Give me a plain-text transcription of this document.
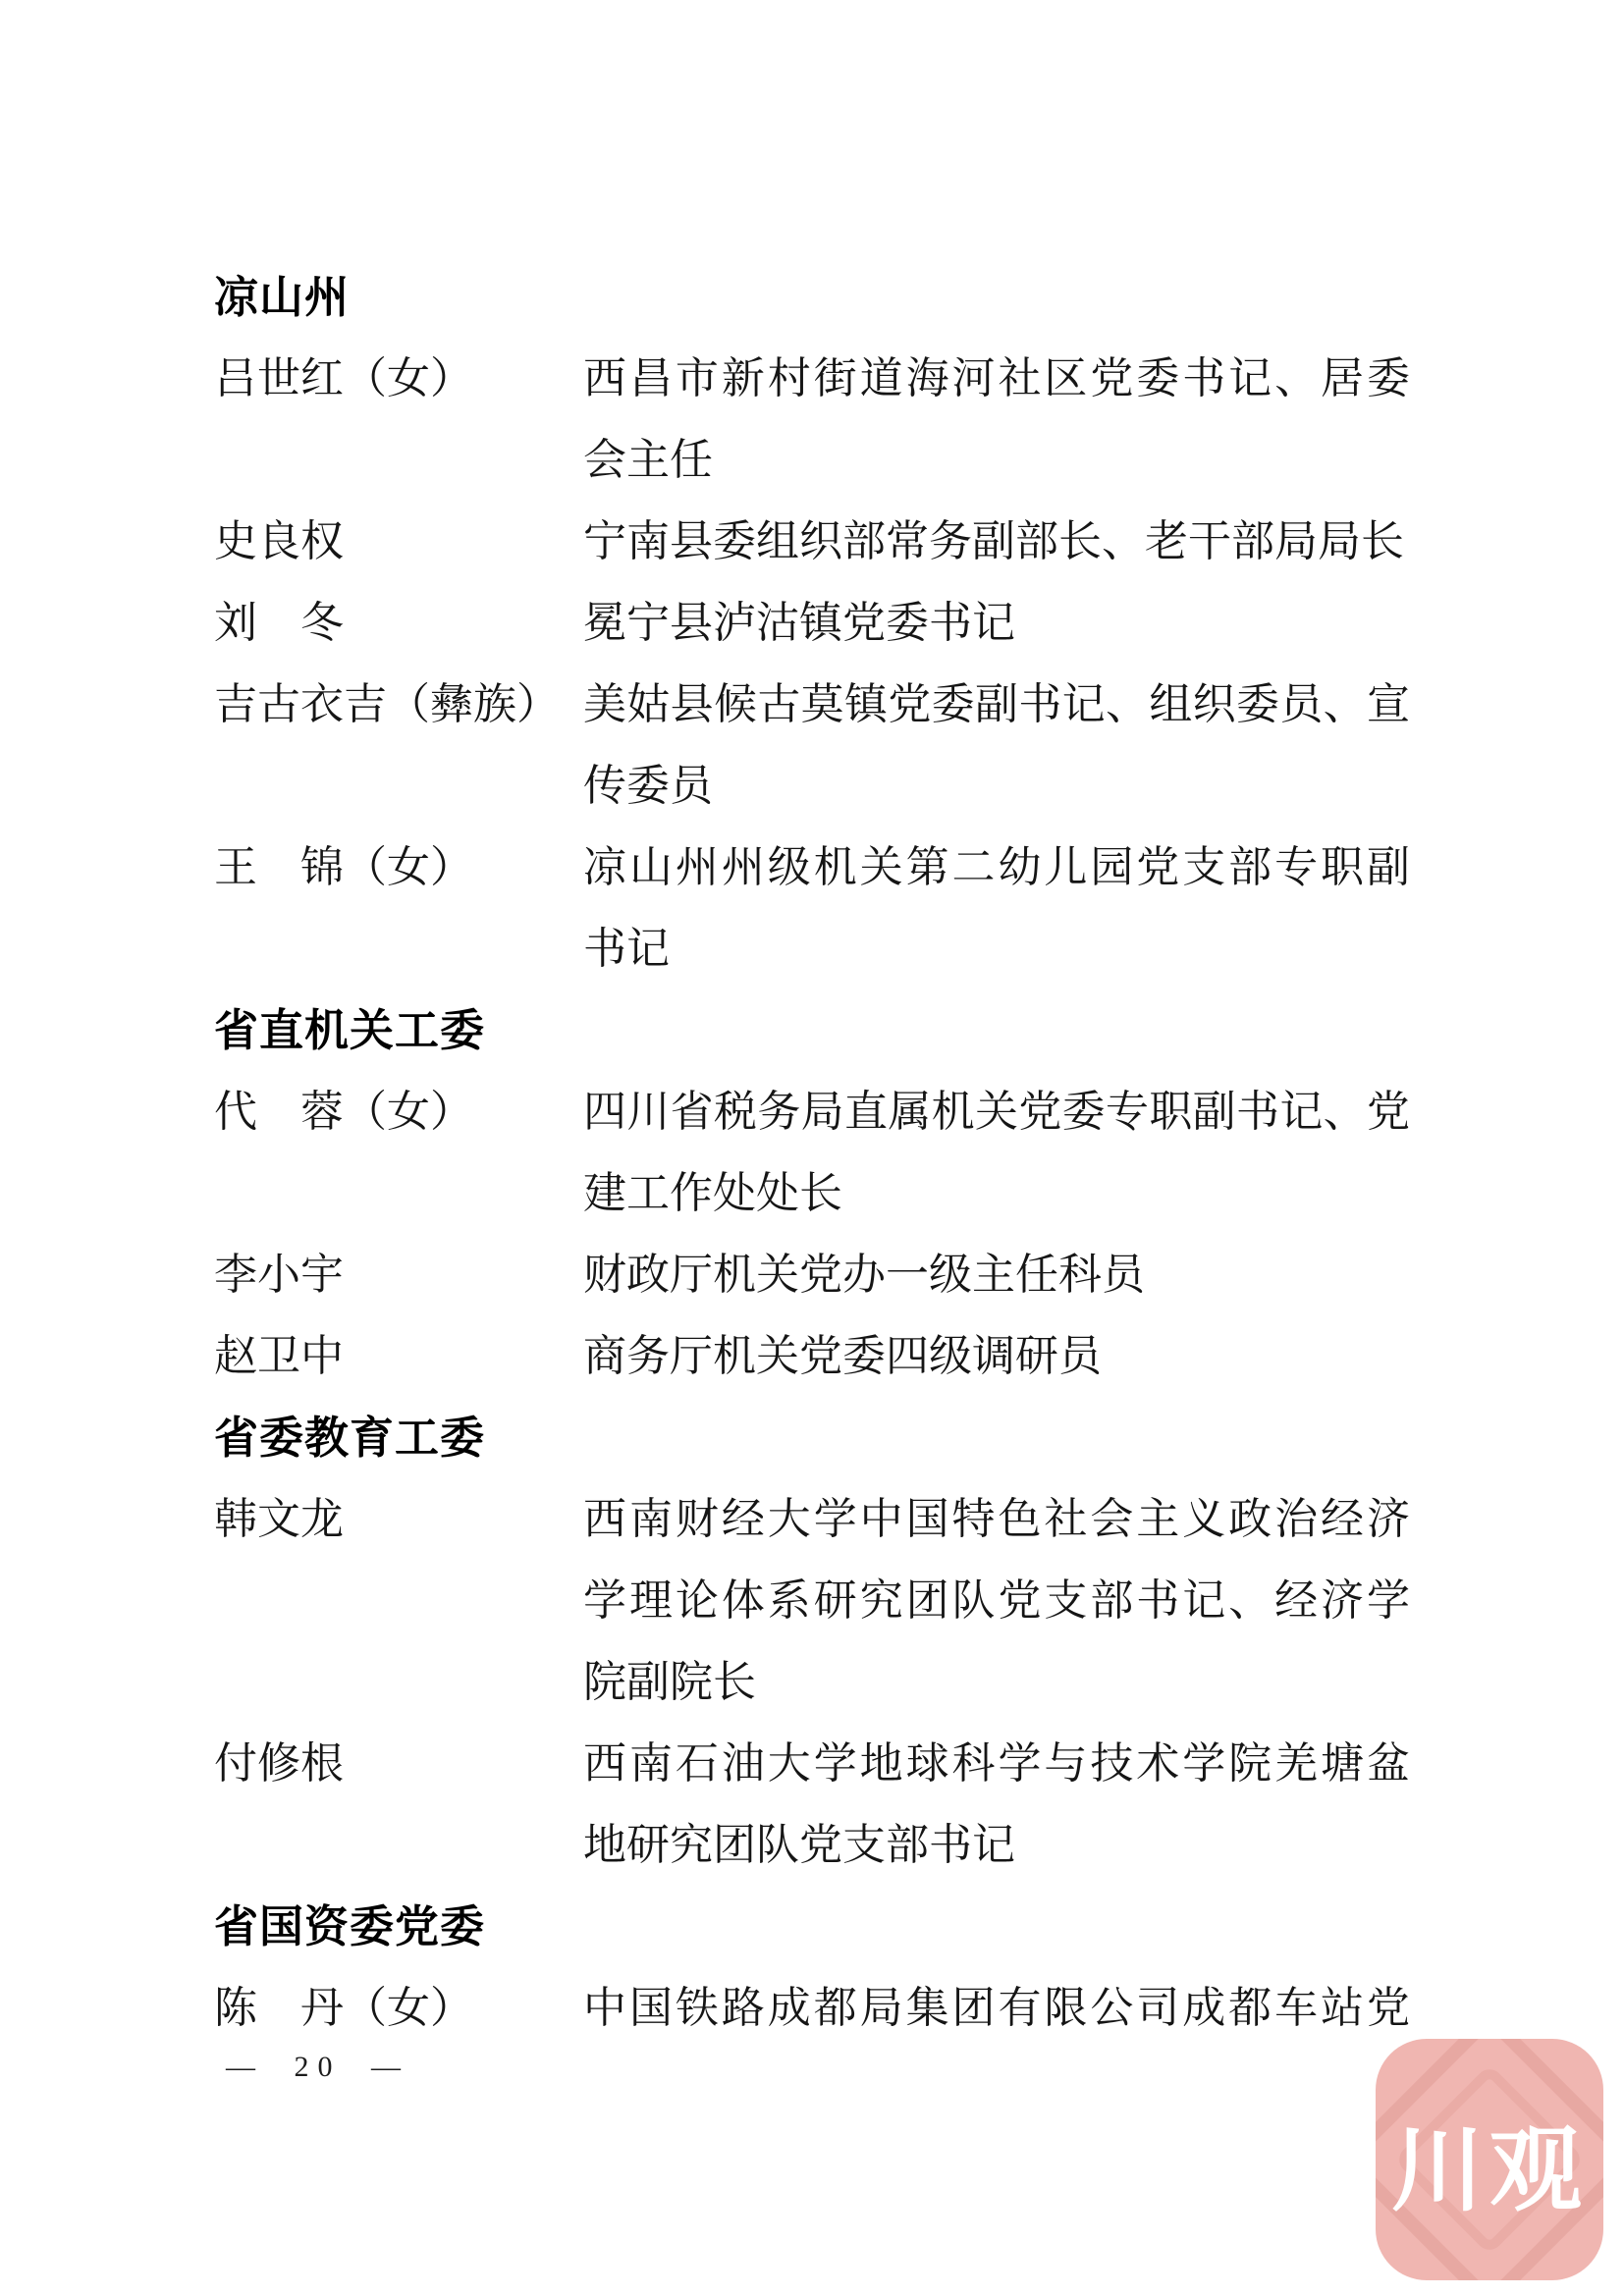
凉山州
吕世红（女）	西昌市新村街道海河社区党委书记、居委
会主任
史良权	宁南县委组织部常务副部长、老干部局局长
刘　冬	冕宁县泸沽镇党委书记
吉古衣吉（彝族） 美姑县候古莫镇党委副书记、组织委员、宣
传委员
王　锦（女）	凉山州州级机关第二幼儿园党支部专职副
书记
省直机关工委
代　蓉（女）	四川省税务局直属机关党委专职副书记、党
建工作处处长
李小宇	财政厅机关党办一级主任科员
赵卫中	商务厅机关党委四级调研员
省委教育工委
韩文龙	西南财经大学中国特色社会主义政治经济
学理论体系研究团队党支部书记、经济学
院副院长
付修根	西南石油大学地球科学与技术学院羌塘盆
地研究团队党支部书记
省国资委党委
陈　丹（女）	中国铁路成都局集团有限公司成都车站党
— 20 —
川观
